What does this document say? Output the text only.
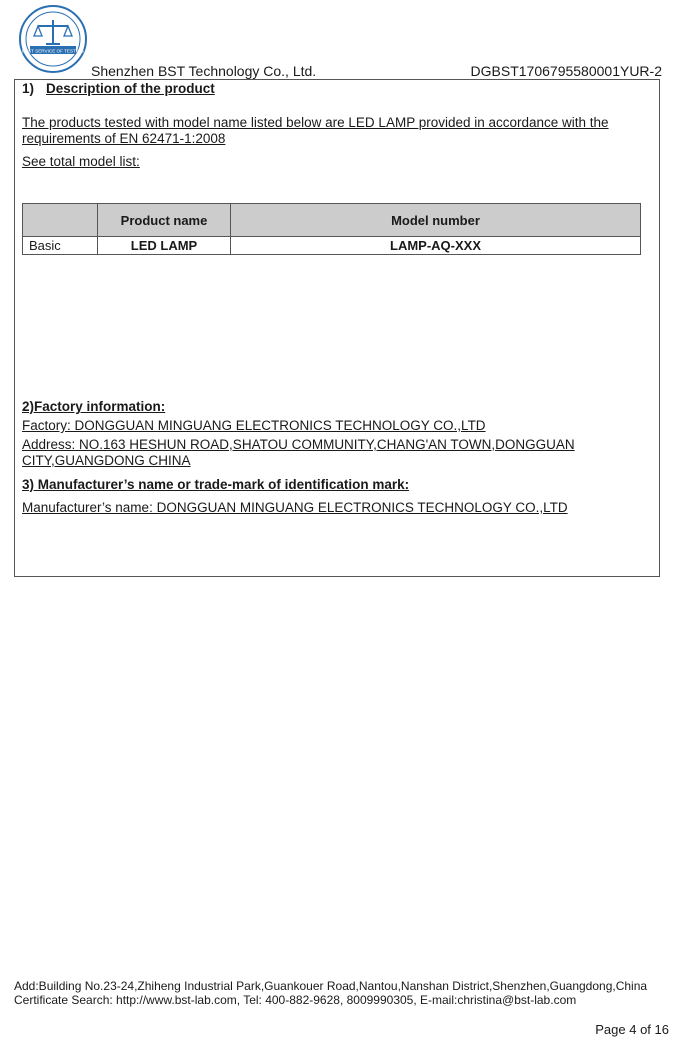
BEST SERVICE OF TESTING
Shenzhen BST Technology Co., Ltd.	DGBST1706795580001YUR-2
1) Description of the product
The products tested with model name listed below are LED LAMP provided in accordance with the requirements of EN 62471-1:2008
See total model list:
	Product name	Model number
Basic	LED LAMP	LAMP-AQ-XXX
2)Factory information:
Factory: DONGGUAN MINGUANG ELECTRONICS TECHNOLOGY CO.,LTD
Address: NO.163 HESHUN ROAD,SHATOU COMMUNITY,CHANG'AN TOWN,DONGGUAN CITY,GUANGDONG CHINA
3) Manufacturer’s name or trade-mark of identification mark:
Manufacturer’s name: DONGGUAN MINGUANG ELECTRONICS TECHNOLOGY CO.,LTD
Add:Building No.23-24,Zhiheng Industrial Park,Guankouer Road,Nantou,Nanshan District,Shenzhen,Guangdong,China
Certificate Search: http://www.bst-lab.com, Tel: 400-882-9628, 8009990305, E-mail:christina@bst-lab.com
Page 4 of 16
